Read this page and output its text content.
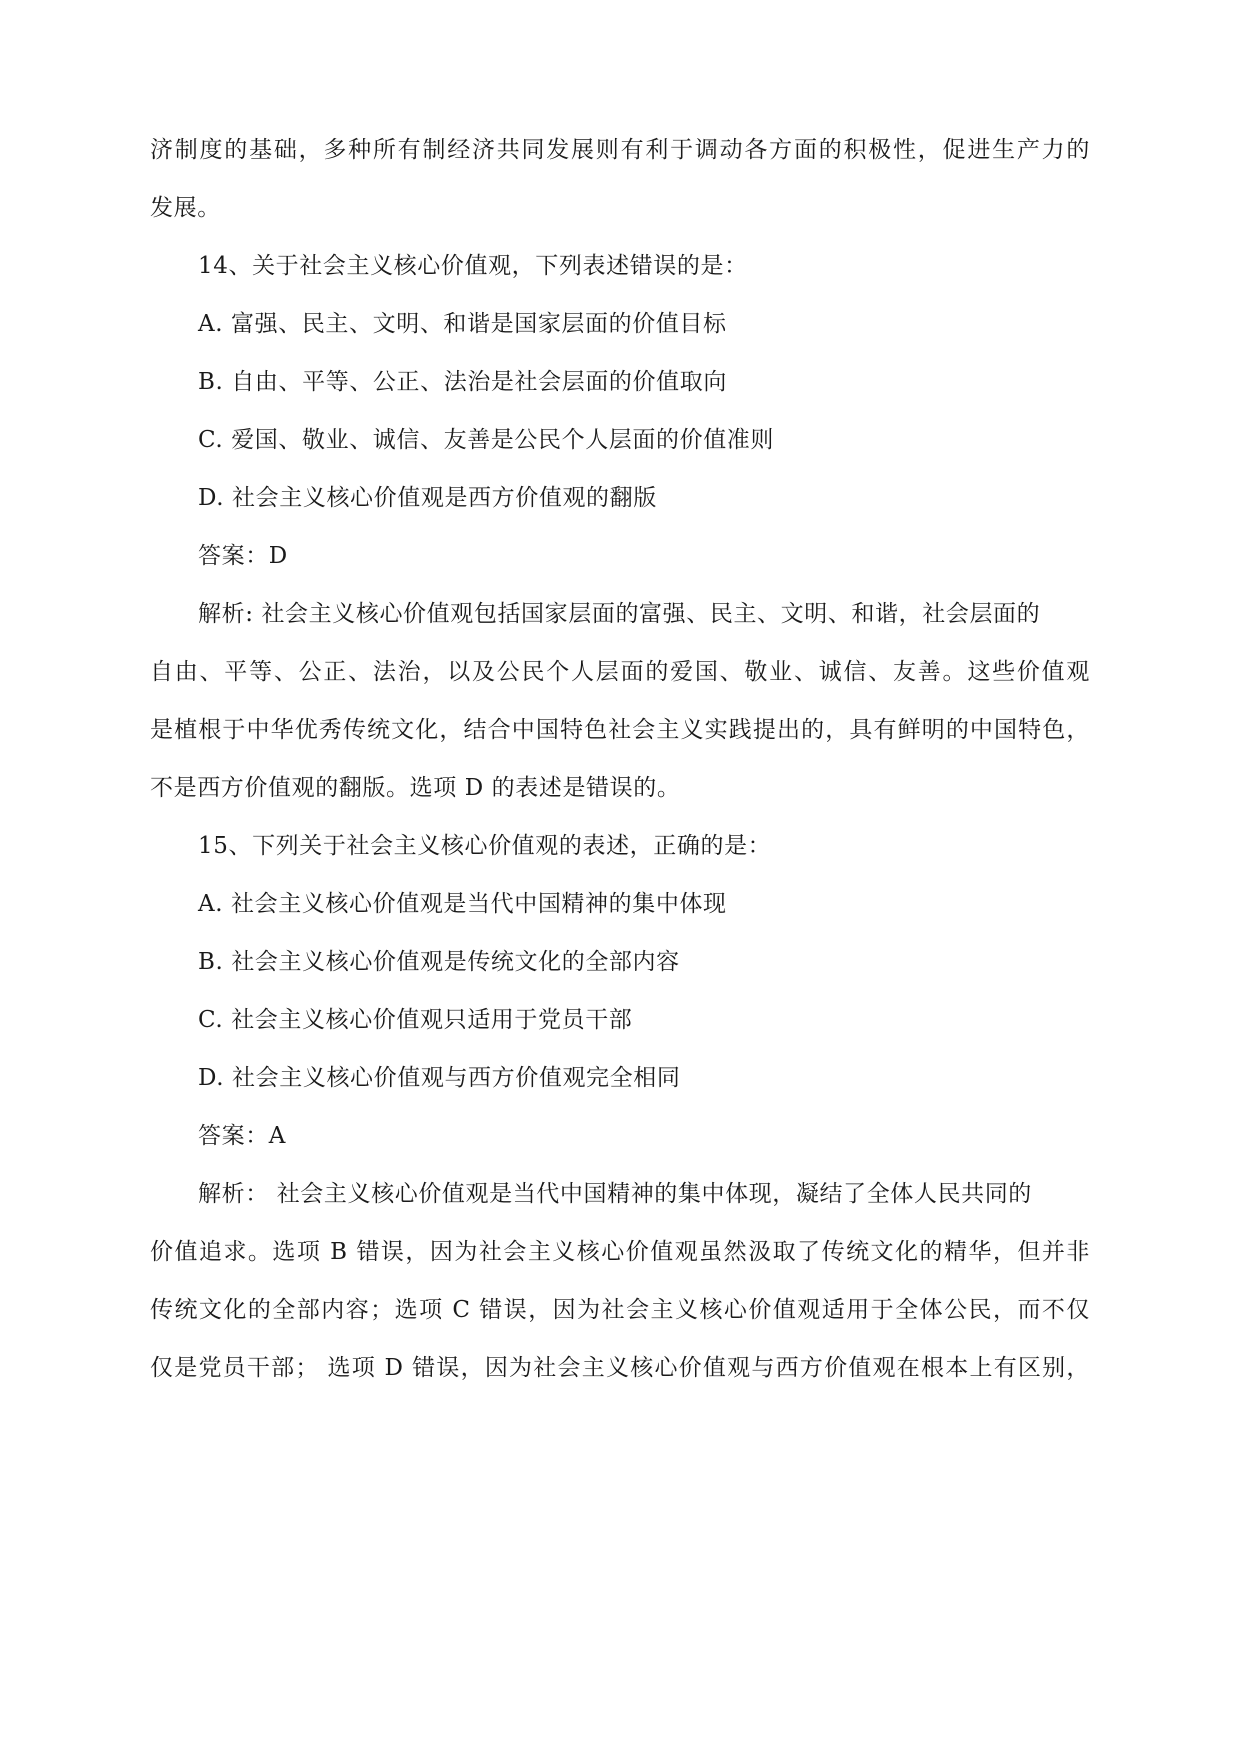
济制度的基础，多种所有制经济共同发展则有利于调动各方面的积极性，促进生产力的
发展。
14、关于社会主义核心价值观，下列表述错误的是：
A. 富强、民主、文明、和谐是国家层面的价值目标
B. 自由、平等、公正、法治是社会层面的价值取向
C. 爱国、敬业、诚信、友善是公民个人层面的价值准则
D. 社会主义核心价值观是西方价值观的翻版
答案：D
解析: 社会主义核心价值观包括国家层面的富强、民主、文明、和谐，社会层面的
自由、平等、公正、法治，以及公民个人层面的爱国、敬业、诚信、友善。这些价值观
是植根于中华优秀传统文化，结合中国特色社会主义实践提出的，具有鲜明的中国特色，
不是西方价值观的翻版。选项 D 的表述是错误的。
15、下列关于社会主义核心价值观的表述，正确的是：
A. 社会主义核心价值观是当代中国精神的集中体现
B. 社会主义核心价值观是传统文化的全部内容
C. 社会主义核心价值观只适用于党员干部
D. 社会主义核心价值观与西方价值观完全相同
答案：A
解析： 社会主义核心价值观是当代中国精神的集中体现，凝结了全体人民共同的
价值追求。选项 B 错误，因为社会主义核心价值观虽然汲取了传统文化的精华，但并非
传统文化的全部内容；选项 C 错误，因为社会主义核心价值观适用于全体公民，而不仅
仅是党员干部； 选项 D 错误，因为社会主义核心价值观与西方价值观在根本上有区别，
